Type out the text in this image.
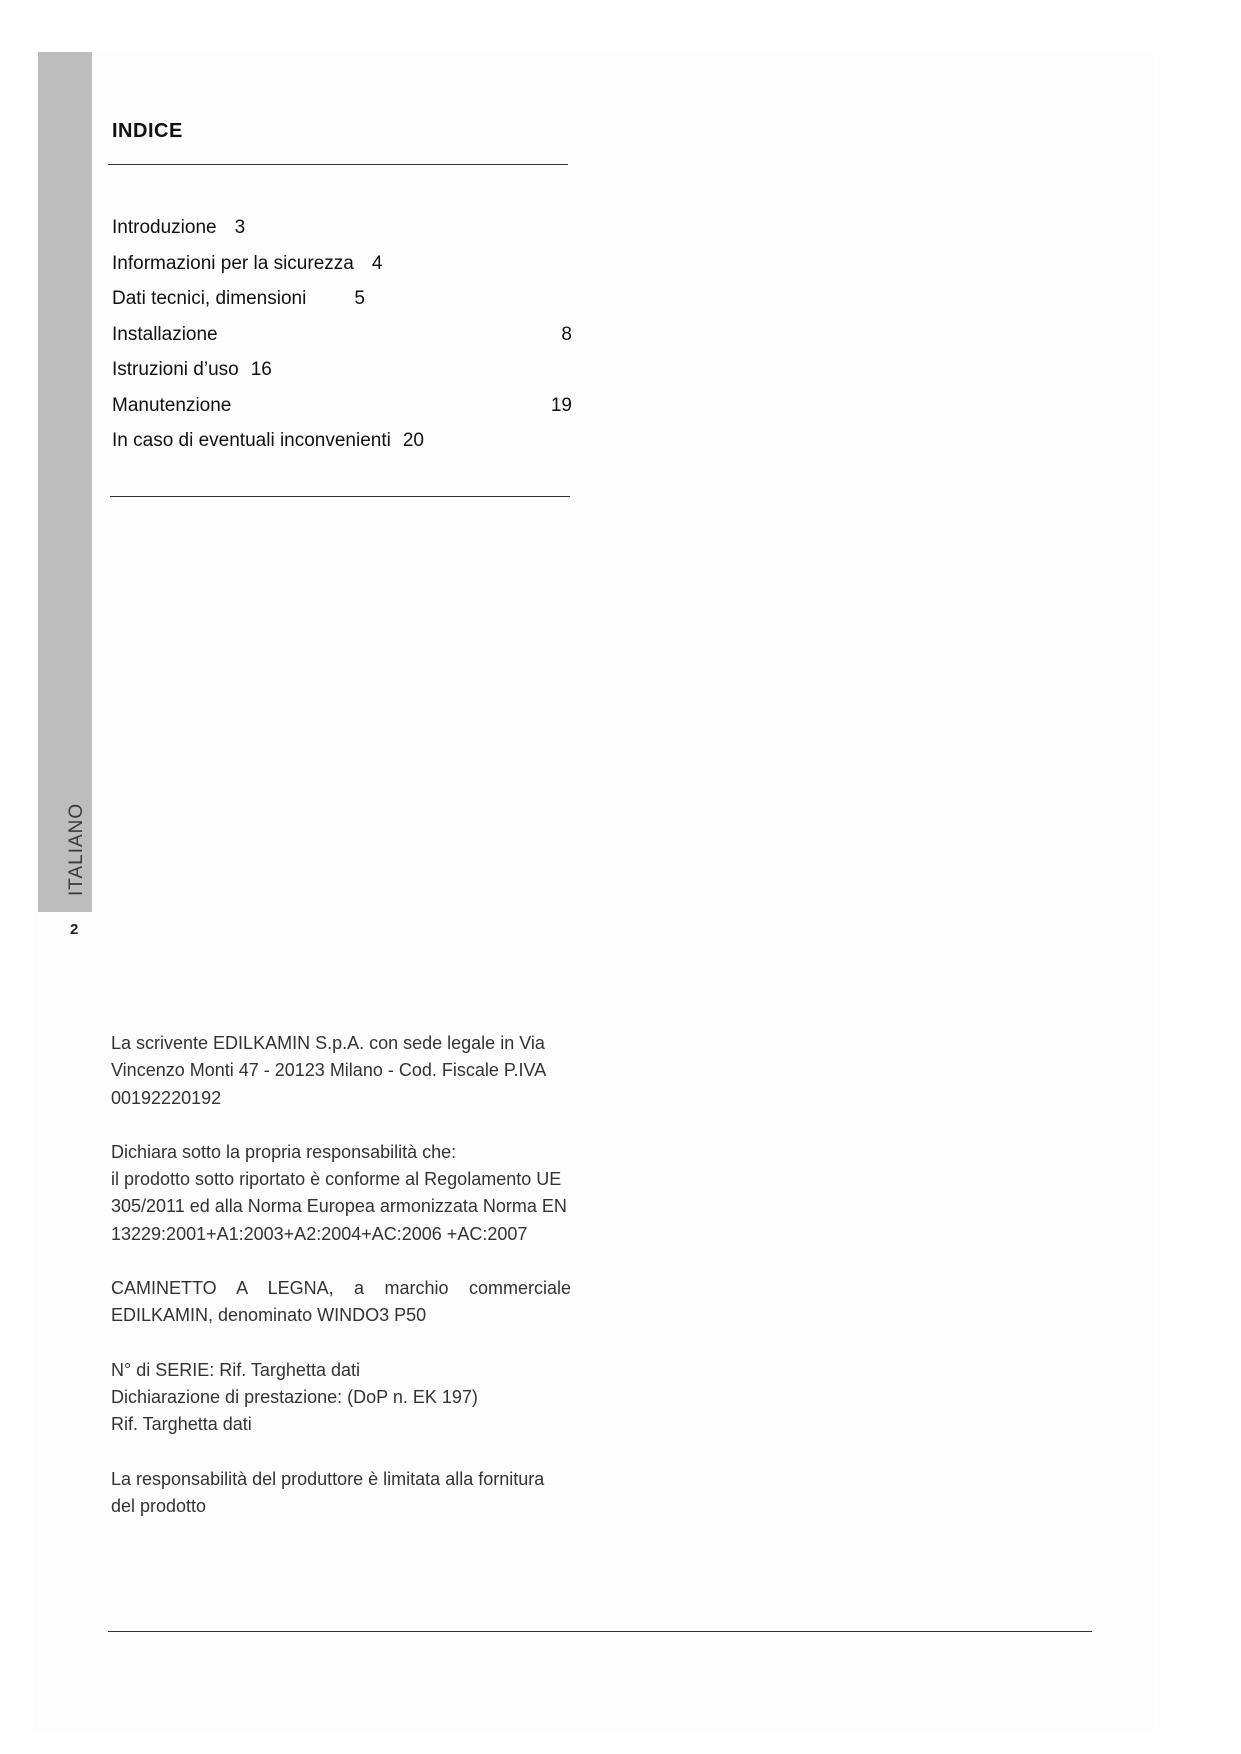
ITALIANO
2
INDICE
Introduzione 3
Informazioni per la sicurezza 4
Dati tecnici, dimensioni	5
Installazione	8
Istruzioni d’uso 16
Manutenzione	19
In caso di eventuali inconvenienti 20

La scrivente EDILKAMIN S.p.A. con sede legale in Via Vincenzo Monti 47 - 20123 Milano - Cod. Fiscale P.IVA 00192220192

Dichiara sotto la propria responsabilità che:
il prodotto sotto riportato è conforme al Regolamento UE 305/2011 ed alla Norma Europea armonizzata Norma EN 13229:2001+A1:2003+A2:2004+AC:2006 +AC:2007

CAMINETTO A LEGNA, a marchio commerciale EDILKAMIN, denominato WINDO3 P50

N° di SERIE: Rif. Targhetta dati
Dichiarazione di prestazione: (DoP n. EK 197)
Rif. Targhetta dati

La responsabilità del produttore è limitata alla fornitura del prodotto
